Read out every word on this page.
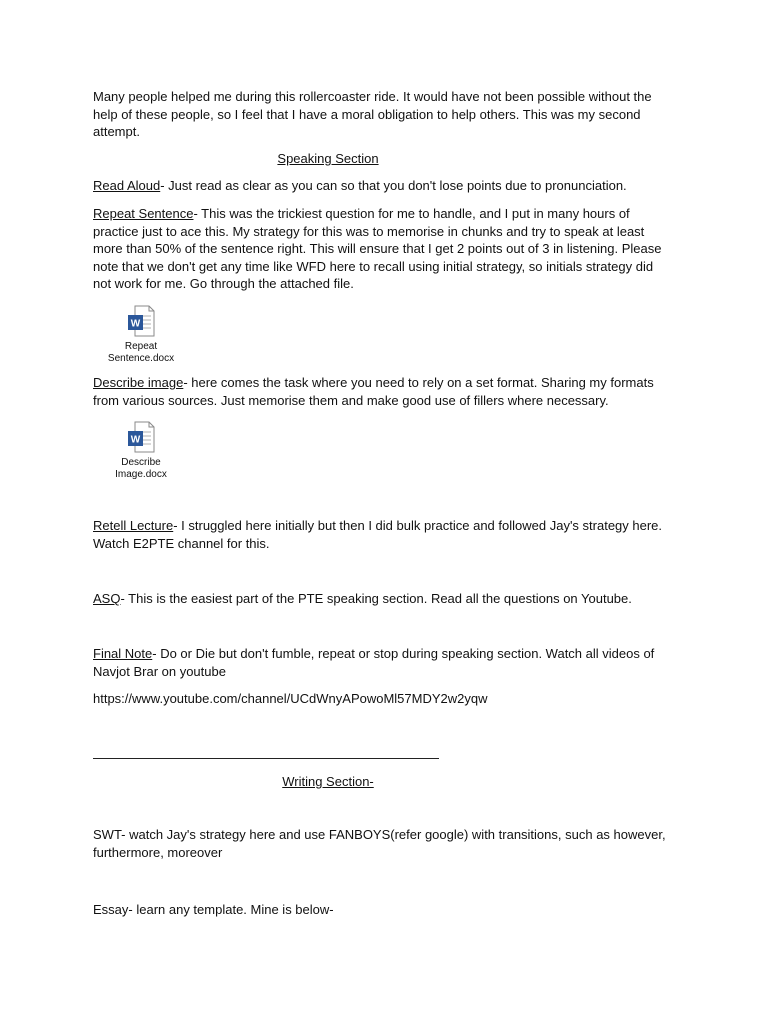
Many people helped me during this rollercoaster ride. It would have not been possible without the help of these people, so I feel that I have a moral obligation to help others. This was my second attempt.
Speaking Section
Read Aloud- Just read as clear as you can so that you don't lose points due to pronunciation.
Repeat Sentence- This was the trickiest question for me to handle, and I put in many hours of practice just to ace this. My strategy for this was to memorise in chunks and try to speak at least more than 50% of the sentence right. This will ensure that I get 2 points out of 3 in listening. Please note that we don't get any time like WFD here to recall using initial strategy, so initials strategy did not work for me. Go through the attached file.
W
Repeat
Sentence.docx
Describe image- here comes the task where you need to rely on a set format. Sharing my formats from various sources. Just memorise them and make good use of fillers where necessary.
W
Describe
Image.docx
Retell Lecture- I struggled here initially but then I did bulk practice and followed Jay's strategy here. Watch E2PTE channel for this.
ASQ- This is the easiest part of the PTE speaking section. Read all the questions on Youtube.
Final Note- Do or Die but don't fumble, repeat or stop during speaking section. Watch all videos of Navjot Brar on youtube
https://www.youtube.com/channel/UCdWnyAPowoMl57MDY2w2yqw
Writing Section-
SWT- watch Jay's strategy here and use FANBOYS(refer google) with transitions, such as however, furthermore, moreover
Essay- learn any template. Mine is below-
